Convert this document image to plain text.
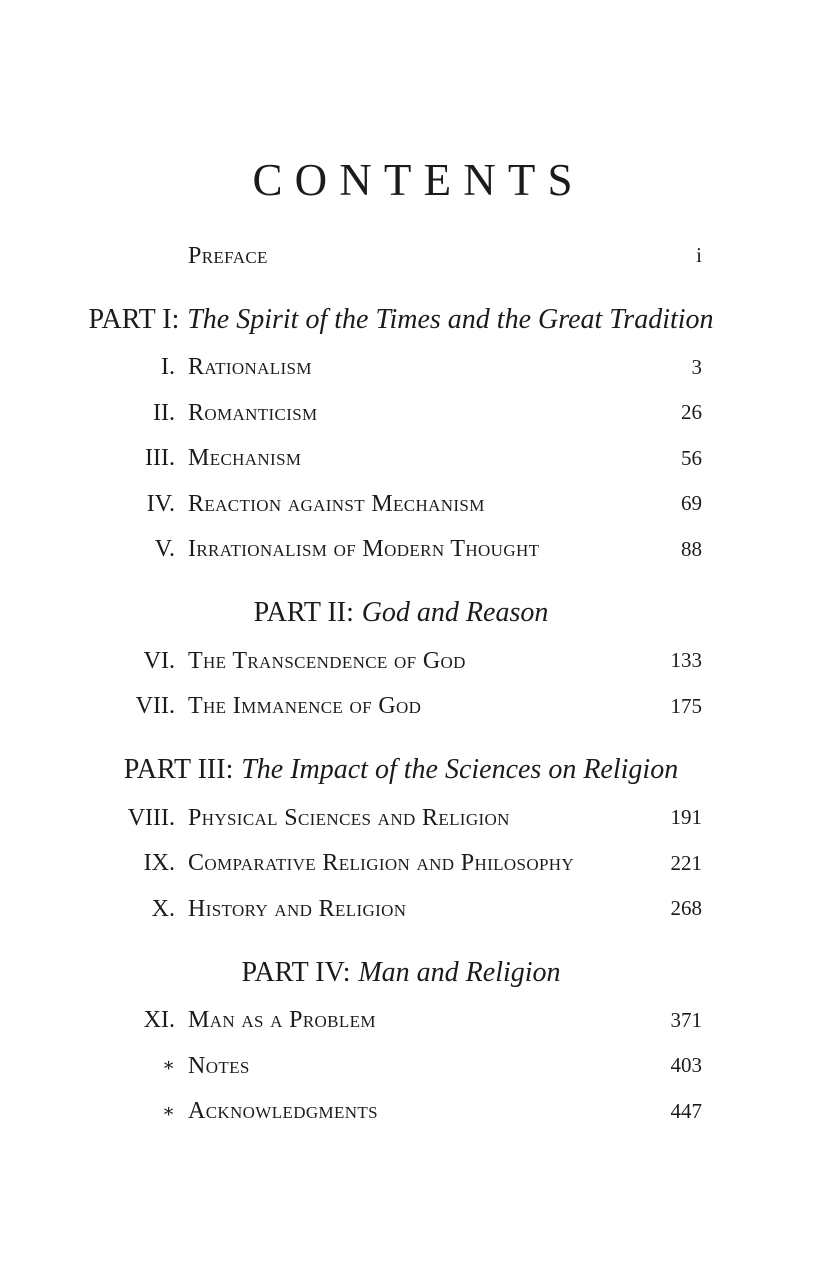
CONTENTS
Preface	i
PART I: The Spirit of the Times and the Great Tradition
I. Rationalism	3
II. Romanticism	26
III. Mechanism	56
IV. Reaction against Mechanism	69
V. Irrationalism of Modern Thought	88
PART II: God and Reason
VI. The Transcendence of God	133
VII. The Immanence of God	175
PART III: The Impact of the Sciences on Religion
VIII. Physical Sciences and Religion	191
IX. Comparative Religion and Philosophy	221
X. History and Religion	268
PART IV: Man and Religion
XI. Man as a Problem	371
∗ Notes	403
∗ Acknowledgments	447
